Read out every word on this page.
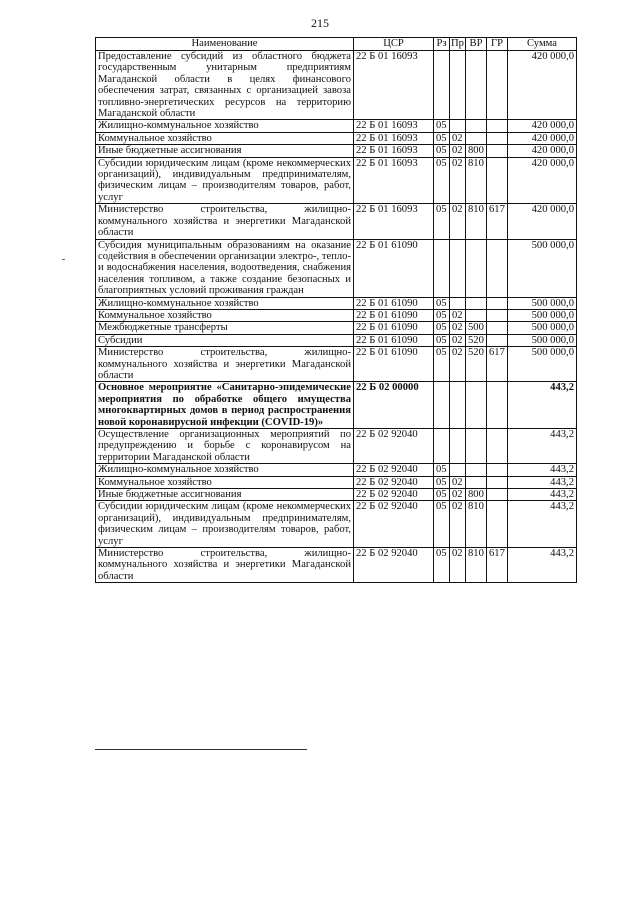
215
Наименование	ЦСР	Рз	Пр	ВР	ГР	Сумма
Предоставление субсидий из областного бюджета государственным унитарным предприятиям Магаданской области в целях финансового обеспечения затрат, связанных с организацией завоза топливно-энергетических ресурсов на территорию Магаданской области	22 Б 01 16093					420 000,0
Жилищно-коммунальное хозяйство	22 Б 01 16093	05				420 000,0
Коммунальное хозяйство	22 Б 01 16093	05	02			420 000,0
Иные бюджетные ассигнования	22 Б 01 16093	05	02	800		420 000,0
Субсидии юридическим лицам (кроме некоммерческих организаций), индивидуальным предпринимателям, физическим лицам – производителям товаров, работ, услуг	22 Б 01 16093	05	02	810		420 000,0
Министерство строительства, жилищно-коммунального хозяйства и энергетики Магаданской области	22 Б 01 16093	05	02	810	617	420 000,0
Субсидия муниципальным образованиям на оказание содействия в обеспечении организации электро-, тепло- и водоснабжения населения, водоотведения, снабжения населения топливом, а также создание безопасных и благоприятных условий проживания граждан	22 Б 01 61090					500 000,0
Жилищно-коммунальное хозяйство	22 Б 01 61090	05				500 000,0
Коммунальное хозяйство	22 Б 01 61090	05	02			500 000,0
Межбюджетные трансферты	22 Б 01 61090	05	02	500		500 000,0
Субсидии	22 Б 01 61090	05	02	520		500 000,0
Министерство строительства, жилищно-коммунального хозяйства и энергетики Магаданской области	22 Б 01 61090	05	02	520	617	500 000,0
Основное мероприятие «Санитарно-эпидемические мероприятия по обработке общего имущества многоквартирных домов в период распространения новой коронавирусной инфекции (COVID-19)»	22 Б 02 00000					443,2
Осуществление организационных мероприятий по предупреждению и борьбе с коронавирусом на территории Магаданской области	22 Б 02 92040					443,2
Жилищно-коммунальное хозяйство	22 Б 02 92040	05				443,2
Коммунальное хозяйство	22 Б 02 92040	05	02			443,2
Иные бюджетные ассигнования	22 Б 02 92040	05	02	800		443,2
Субсидии юридическим лицам (кроме некоммерческих организаций), индивидуальным предпринимателям, физическим лицам – производителям товаров, работ, услуг	22 Б 02 92040	05	02	810		443,2
Министерство строительства, жилищно-коммунального хозяйства и энергетики Магаданской области	22 Б 02 92040	05	02	810	617	443,2
